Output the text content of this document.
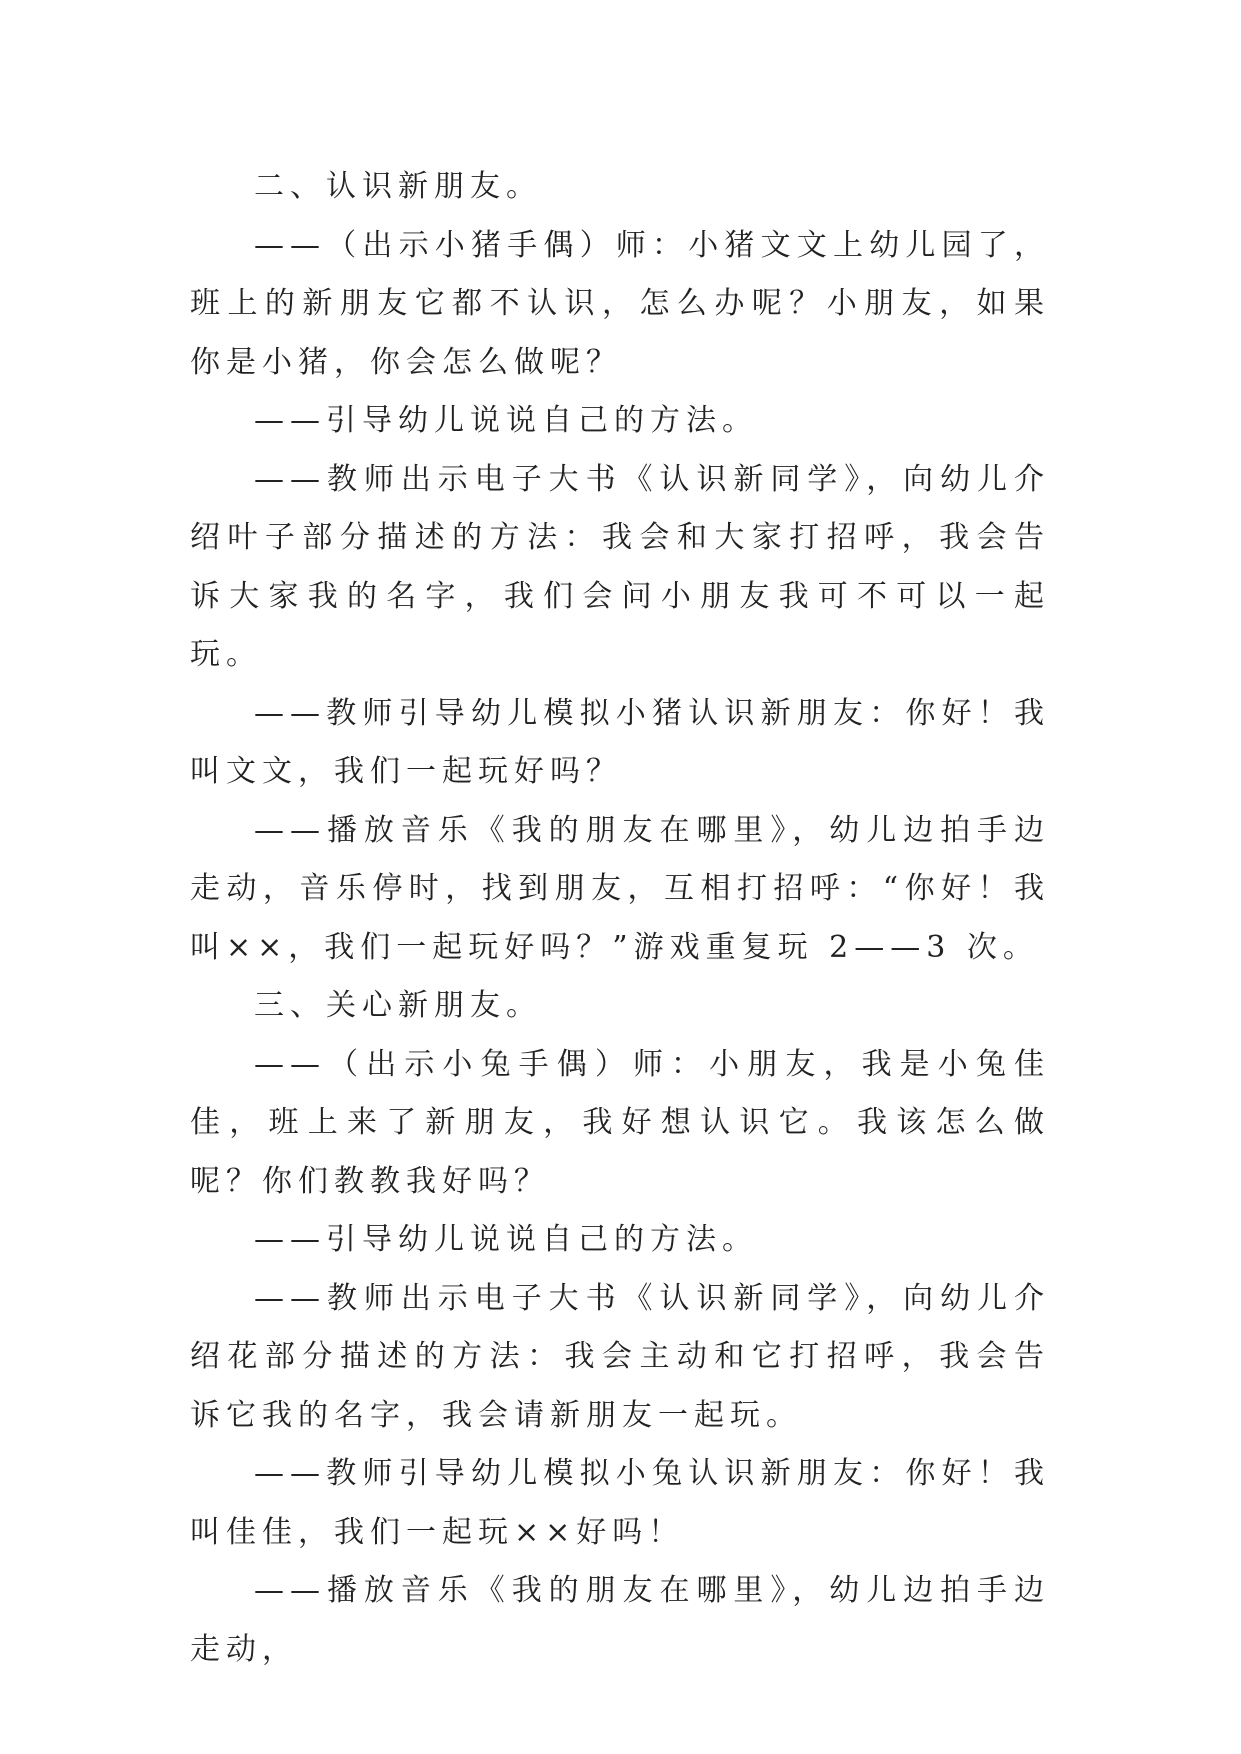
二、认识新朋友。

——（出示小猪手偶）师：小猪文文上幼儿园了，班上的新朋友它都不认识，怎么办呢？小朋友，如果你是小猪，你会怎么做呢？

——引导幼儿说说自己的方法。

——教师出示电子大书《认识新同学》，向幼儿介绍叶子部分描述的方法：我会和大家打招呼，我会告诉大家我的名字，我们会问小朋友我可不可以一起玩。

——教师引导幼儿模拟小猪认识新朋友：你好！我叫文文，我们一起玩好吗？

——播放音乐《我的朋友在哪里》，幼儿边拍手边走动，音乐停时，找到朋友，互相打招呼：“你好！我叫××，我们一起玩好吗？”游戏重复玩 2——3 次。

三、关心新朋友。

——（出示小兔手偶）师：小朋友，我是小兔佳佳，班上来了新朋友，我好想认识它。我该怎么做呢？你们教教我好吗？

——引导幼儿说说自己的方法。

——教师出示电子大书《认识新同学》，向幼儿介绍花部分描述的方法：我会主动和它打招呼，我会告诉它我的名字，我会请新朋友一起玩。

——教师引导幼儿模拟小兔认识新朋友：你好！我叫佳佳，我们一起玩××好吗！

——播放音乐《我的朋友在哪里》，幼儿边拍手边走动，
